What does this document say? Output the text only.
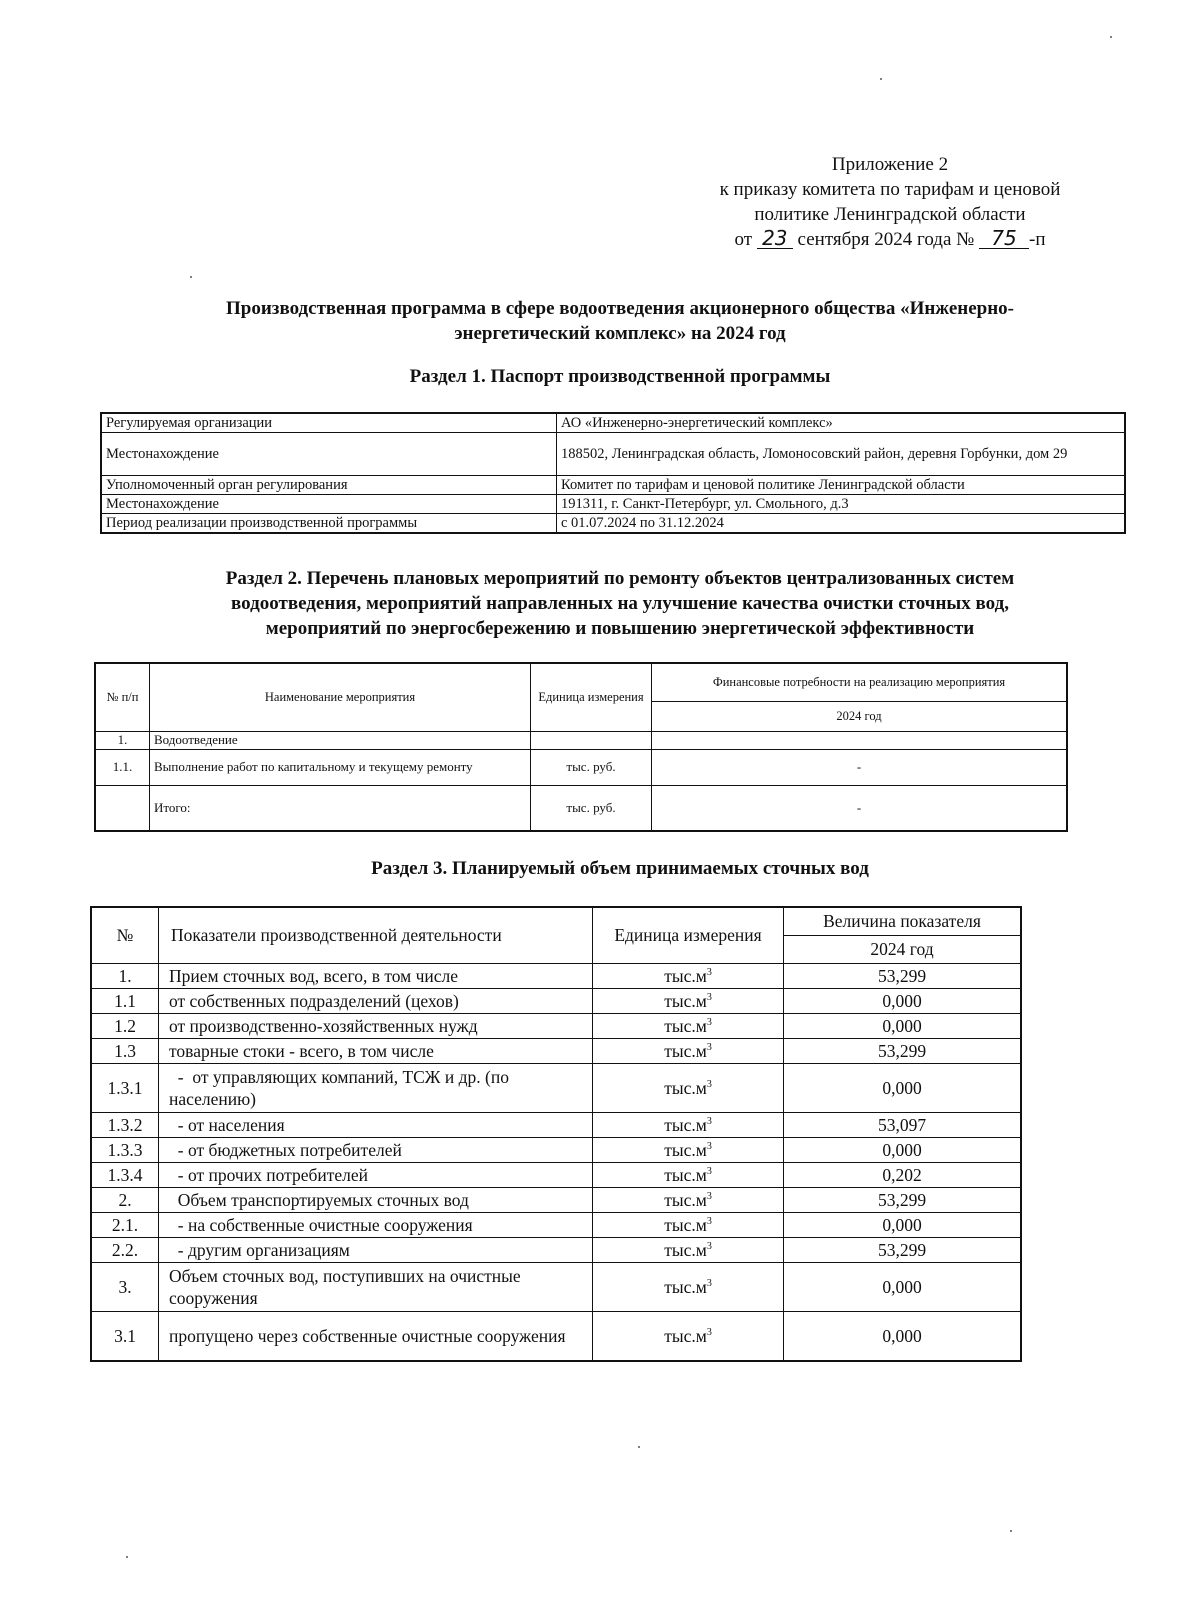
Приложение 2
к приказу комитета по тарифам и ценовой
политике Ленинградской области
от 23 сентября 2024 года № 75 -п
Производственная программа в сфере водоотведения акционерного общества «Инженерно-
энергетический комплекс» на 2024 год
Раздел 1. Паспорт производственной программы
Регулируемая организации	АО «Инженерно-энергетический комплекс»
Местонахождение	188502, Ленинградская область, Ломоносовский район, деревня Горбунки, дом 29
Уполномоченный орган регулирования	Комитет по тарифам и ценовой политике Ленинградской области
Местонахождение	191311, г. Санкт-Петербург, ул. Смольного, д.3
Период реализации производственной программы	с 01.07.2024 по 31.12.2024
Раздел 2. Перечень плановых мероприятий по ремонту объектов централизованных систем
водоотведения, мероприятий направленных на улучшение качества очистки сточных вод,
мероприятий по энергосбережению и повышению энергетической эффективности
№ п/п	Наименование мероприятия	Единица измерения	Финансовые потребности на реализацию мероприятия
			2024 год
1.	Водоотведение		
1.1.	Выполнение работ по капитальному и текущему ремонту	тыс. руб.	-
	Итого:	тыс. руб.	-
Раздел 3. Планируемый объем принимаемых сточных вод
№	Показатели производственной деятельности	Единица измерения	Величина показателя
			2024 год
1.	Прием сточных вод, всего, в том числе	$тыс.м^3$	53,299
1.1	от собственных подразделений (цехов)	$тыс.м^3$	0,000
1.2	от производственно-хозяйственных нужд	$тыс.м^3$	0,000
1.3	товарные стоки - всего, в том числе	$тыс.м^3$	53,299
1.3.1	-  от управляющих компаний, ТСЖ и др. (по населению)	$тыс.м^3$	0,000
1.3.2	- от населения	$тыс.м^3$	53,097
1.3.3	- от бюджетных потребителей	$тыс.м^3$	0,000
1.3.4	- от прочих потребителей	$тыс.м^3$	0,202
2.	Объем транспортируемых сточных вод	$тыс.м^3$	53,299
2.1.	- на собственные очистные сооружения	$тыс.м^3$	0,000
2.2.	- другим организациям	$тыс.м^3$	53,299
3.	Объем сточных вод, поступивших на очистные сооружения	$тыс.м^3$	0,000
3.1	пропущено через собственные очистные сооружения	$тыс.м^3$	0,000
